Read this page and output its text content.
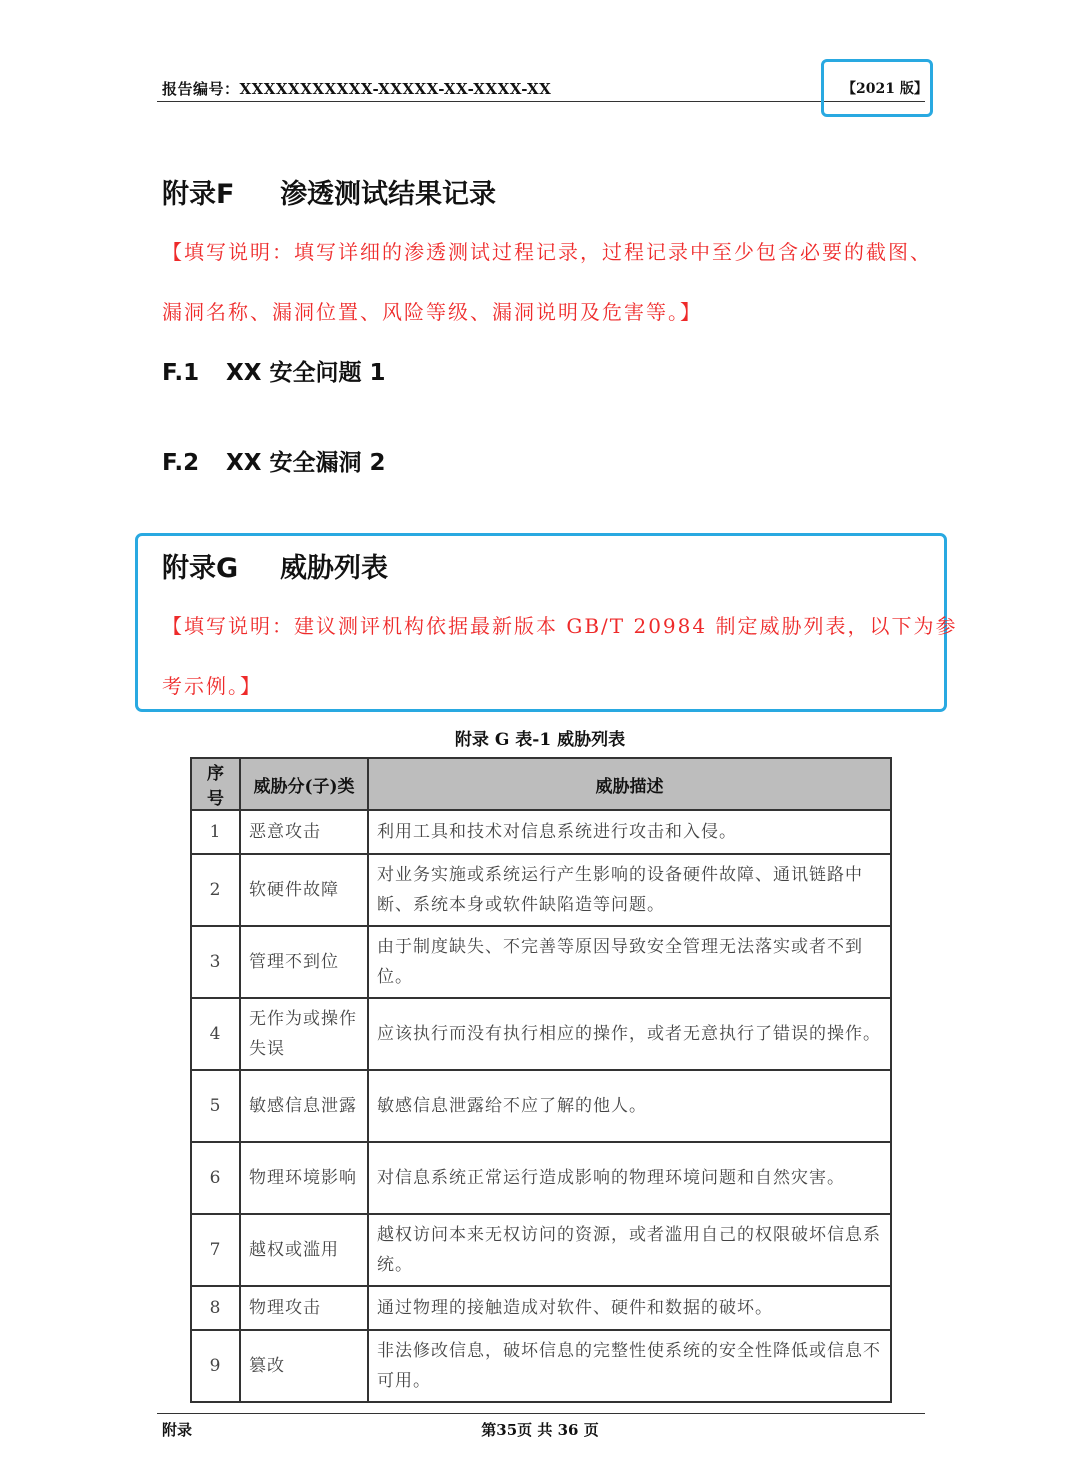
报告编号：XXXXXXXXXXX-XXXXX-XX-XXXX-XX	【2021 版】
附录F 渗透测试结果记录
【填写说明：填写详细的渗透测试过程记录，过程记录中至少包含必要的截图、
漏洞名称、漏洞位置、风险等级、漏洞说明及危害等。】
F.1 XX 安全问题 1
F.2 XX 安全漏洞 2
附录G 威胁列表
【填写说明：建议测评机构依据最新版本 GB/T 20984 制定威胁列表，以下为参
考示例。】
附录 G 表-1 威胁列表
序号	威胁分(子)类	威胁描述
1	恶意攻击	利用工具和技术对信息系统进行攻击和入侵。
2	软硬件故障	对业务实施或系统运行产生影响的设备硬件故障、通讯链路中断、系统本身或软件缺陷造等问题。
3	管理不到位	由于制度缺失、不完善等原因导致安全管理无法落实或者不到位。
4	无作为或操作失误	应该执行而没有执行相应的操作，或者无意执行了错误的操作。
5	敏感信息泄露	敏感信息泄露给不应了解的他人。
6	物理环境影响	对信息系统正常运行造成影响的物理环境问题和自然灾害。
7	越权或滥用	越权访问本来无权访问的资源，或者滥用自己的权限破坏信息系统。
8	物理攻击	通过物理的接触造成对软件、硬件和数据的破坏。
9	篡改	非法修改信息，破坏信息的完整性使系统的安全性降低或信息不可用。
附录	第35页 共 36 页
